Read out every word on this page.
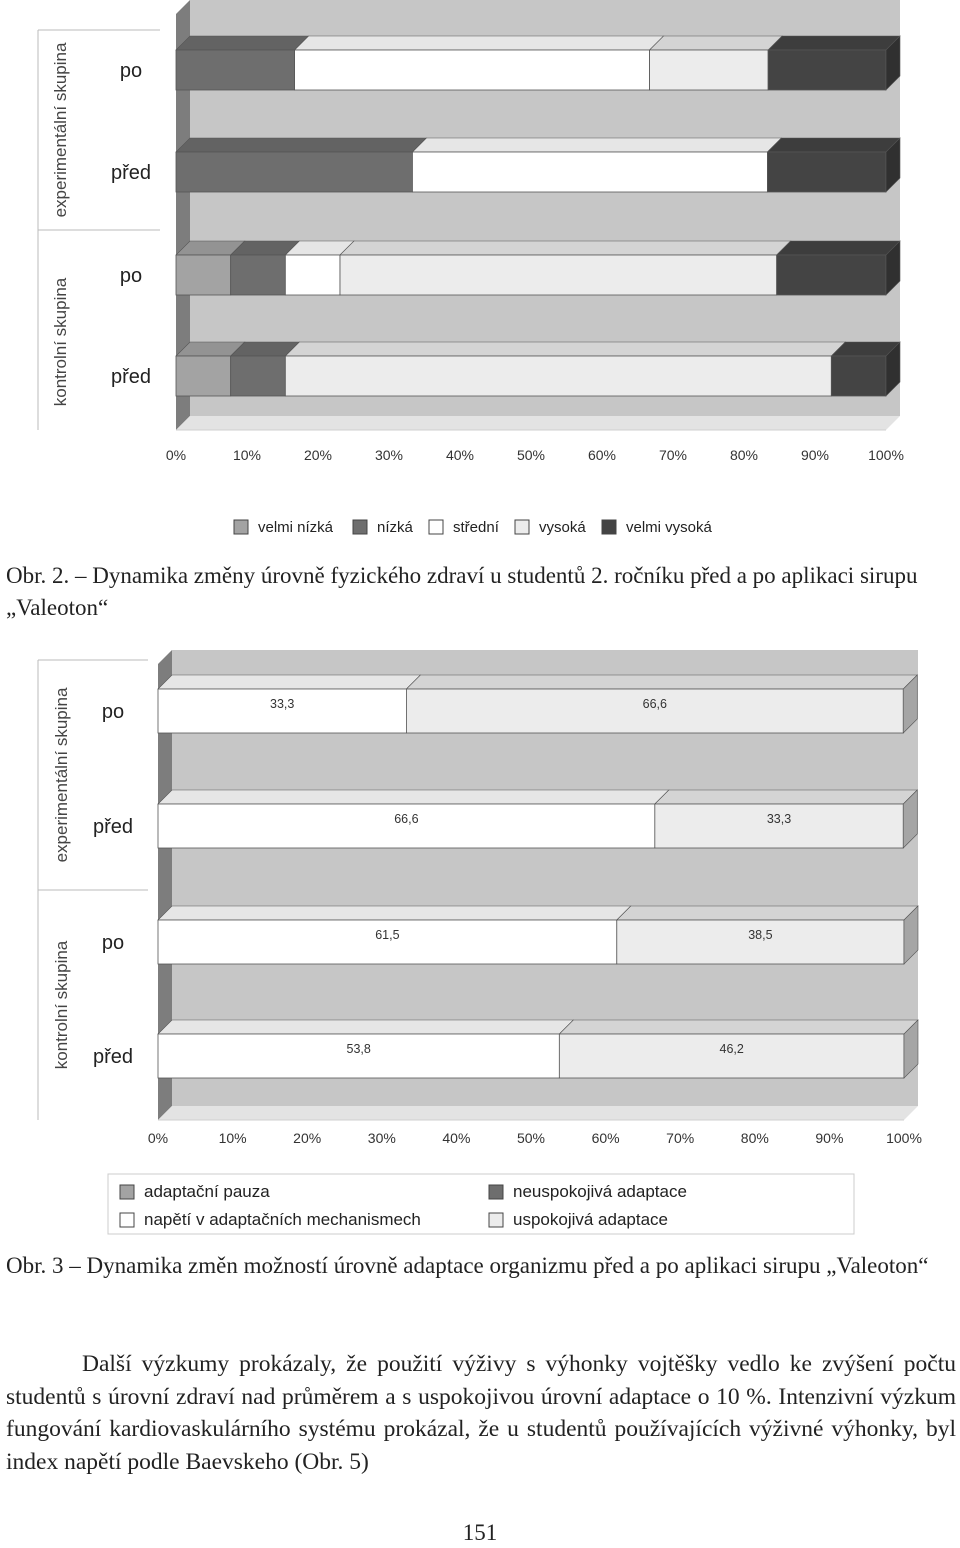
0%	10%	20%	30%	40%	50%	60%	70%	80%	90%	100%
po
před
po
před
experimentální skupina
kontrolní skupina
velmi nízká	nízká	střední	vysoká	velmi vysoká
Obr. 2. – Dynamika změny úrovně fyzického zdraví u studentů 2. ročníku před a po aplikaci sirupu „Valeoton“
0%	10%	20%	30%	40%	50%	60%	70%	80%	90%	100%
po	33,3	66,6
před	66,6	33,3
po	61,5	38,5
před	53,8	46,2
experimentální skupina
kontrolní skupina
adaptační pauza	neuspokojivá adaptace
napětí v adaptačních mechanismech	uspokojivá adaptace
Obr. 3 – Dynamika změn možností úrovně adaptace organizmu před a po aplikaci sirupu „Valeoton“

Další výzkumy prokázaly, že použití výživy s výhonky vojtěšky vedlo ke zvýšení počtu studentů s úrovní zdraví nad průměrem a s uspokojivou úrovní adaptace o 10 %. Intenzivní výzkum fungování kardiovaskulárního systému prokázal, že u studentů používajících výživné výhonky, byl index napětí podle Baevskeho (Obr. 5)

151
